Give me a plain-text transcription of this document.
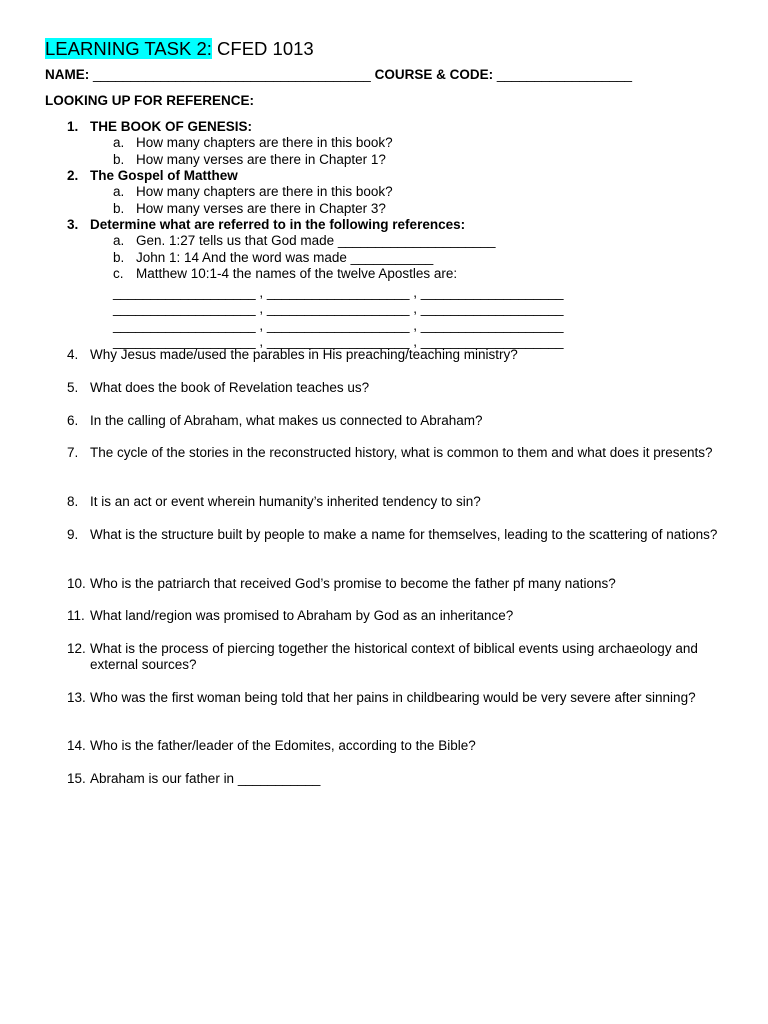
LEARNING TASK 2: CFED 1013
NAME: _____________________________________ COURSE & CODE: __________________
LOOKING UP FOR REFERENCE:
1. THE BOOK OF GENESIS:
a. How many chapters are there in this book?
b. How many verses are there in Chapter 1?
2. The Gospel of Matthew
a. How many chapters are there in this book?
b. How many verses are there in Chapter 3?
3. Determine what are referred to in the following references:
a. Gen. 1:27 tells us that God made _____________________
b. John 1: 14 And the word was made ___________
c. Matthew 10:1-4 the names of the twelve Apostles are:
___________________ , ___________________ , ___________________
___________________ , ___________________ , ___________________
___________________ , ___________________ , ___________________
___________________ , ___________________ , ___________________
4. Why Jesus made/used the parables in His preaching/teaching ministry?
5. What does the book of Revelation teaches us?
6. In the calling of Abraham, what makes us connected to Abraham?
7. The cycle of the stories in the reconstructed history, what is common to them and what does it presents?
8. It is an act or event wherein humanity’s inherited tendency to sin?
9. What is the structure built by people to make a name for themselves, leading to the scattering of nations?
10. Who is the patriarch that received God’s promise to become the father pf many nations?
11. What land/region was promised to Abraham by God as an inheritance?
12. What is the process of piercing together the historical context of biblical events using archaeology and external sources?
13. Who was the first woman being told that her pains in childbearing would be very severe after sinning?
14. Who is the father/leader of the Edomites, according to the Bible?
15. Abraham is our father in ___________
